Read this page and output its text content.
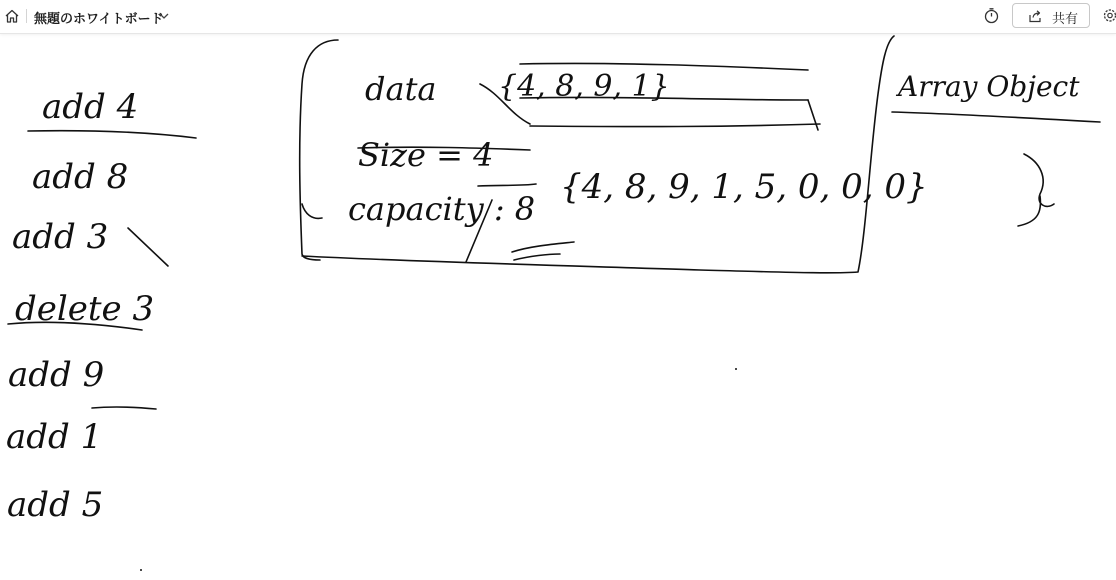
無題のホワイトボード	共有
add 4
add 8
add 3
delete 3
add 9
add 1
add 5
data {4, 8, 9, 1}
Size = 4
capacity : 8
{4, 8, 9, 1, 5, 0, 0, 0}
Array Object
